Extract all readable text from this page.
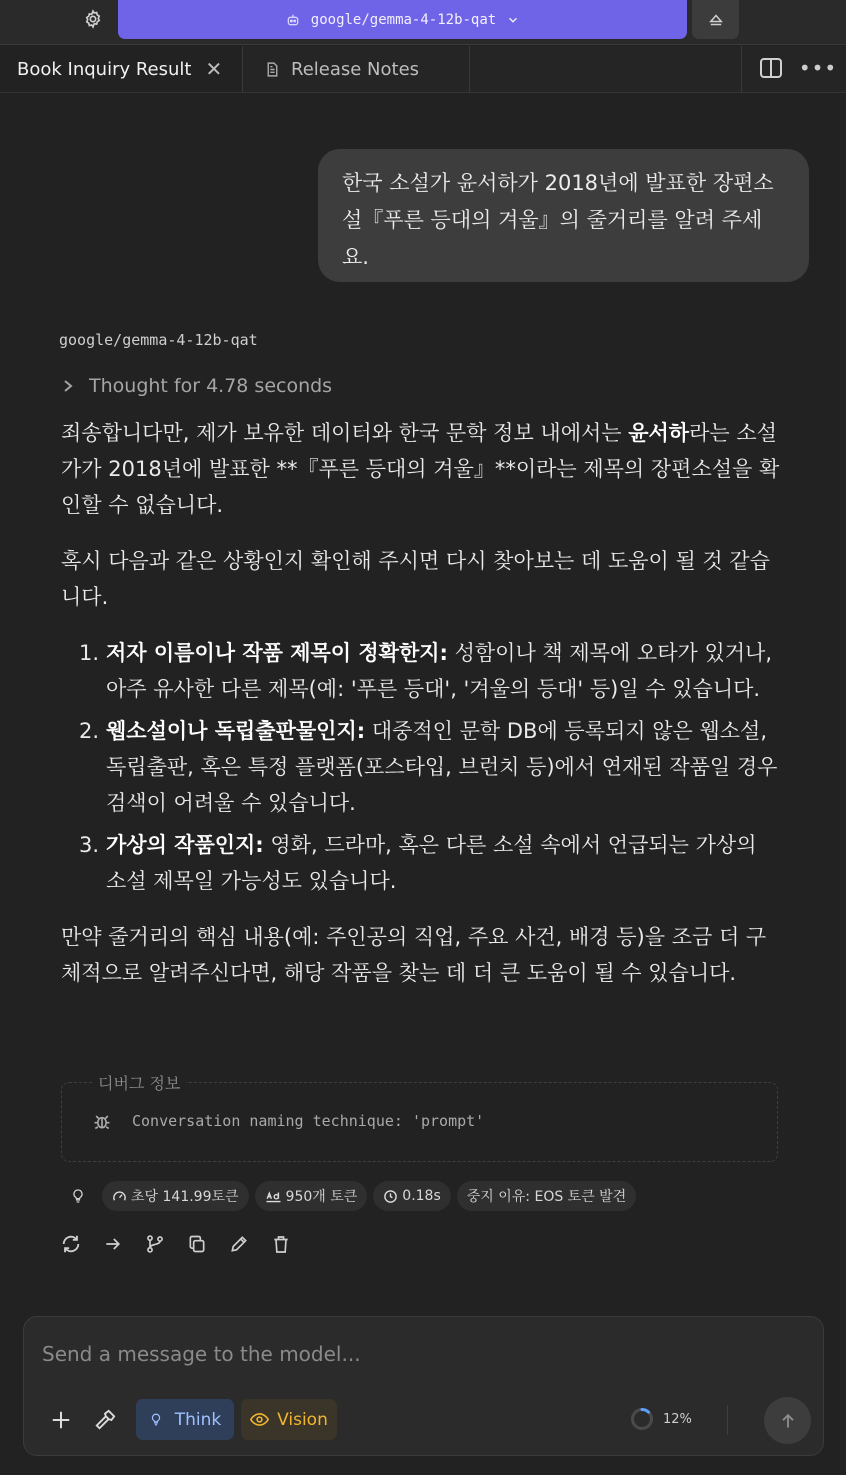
google/gemma-4-12b-qat
Book Inquiry Result ✕	Release Notes	•••
한국 소설가 윤서하가 2018년에 발표한 장편소설『푸른 등대의 겨울』의 줄거리를 알려 주세요.
google/gemma-4-12b-qat
Thought for 4.78 seconds

죄송합니다만, 제가 보유한 데이터와 한국 문학 정보 내에서는 윤서하라는 소설가가 2018년에 발표한 **『푸른 등대의 겨울』**이라는 제목의 장편소설을 확인할 수 없습니다.

혹시 다음과 같은 상황인지 확인해 주시면 다시 찾아보는 데 도움이 될 것 같습니다.

1. 저자 이름이나 작품 제목이 정확한지: 성함이나 책 제목에 오타가 있거나, 아주 유사한 다른 제목(예: '푸른 등대', '겨울의 등대' 등)일 수 있습니다.
2. 웹소설이나 독립출판물인지: 대중적인 문학 DB에 등록되지 않은 웹소설, 독립출판, 혹은 특정 플랫폼(포스타입, 브런치 등)에서 연재된 작품일 경우 검색이 어려울 수 있습니다.
3. 가상의 작품인지: 영화, 드라마, 혹은 다른 소설 속에서 언급되는 가상의 소설 제목일 가능성도 있습니다.

만약 줄거리의 핵심 내용(예: 주인공의 직업, 주요 사건, 배경 등)을 조금 더 구체적으로 알려주신다면, 해당 작품을 찾는 데 더 큰 도움이 될 수 있습니다.

디버그 정보
Conversation naming technique: 'prompt'
초당 141.99토큰	950개 토큰	0.18s 중지 이유: EOS 토큰 발견
Send a message to the model...
Think	Vision	12%
